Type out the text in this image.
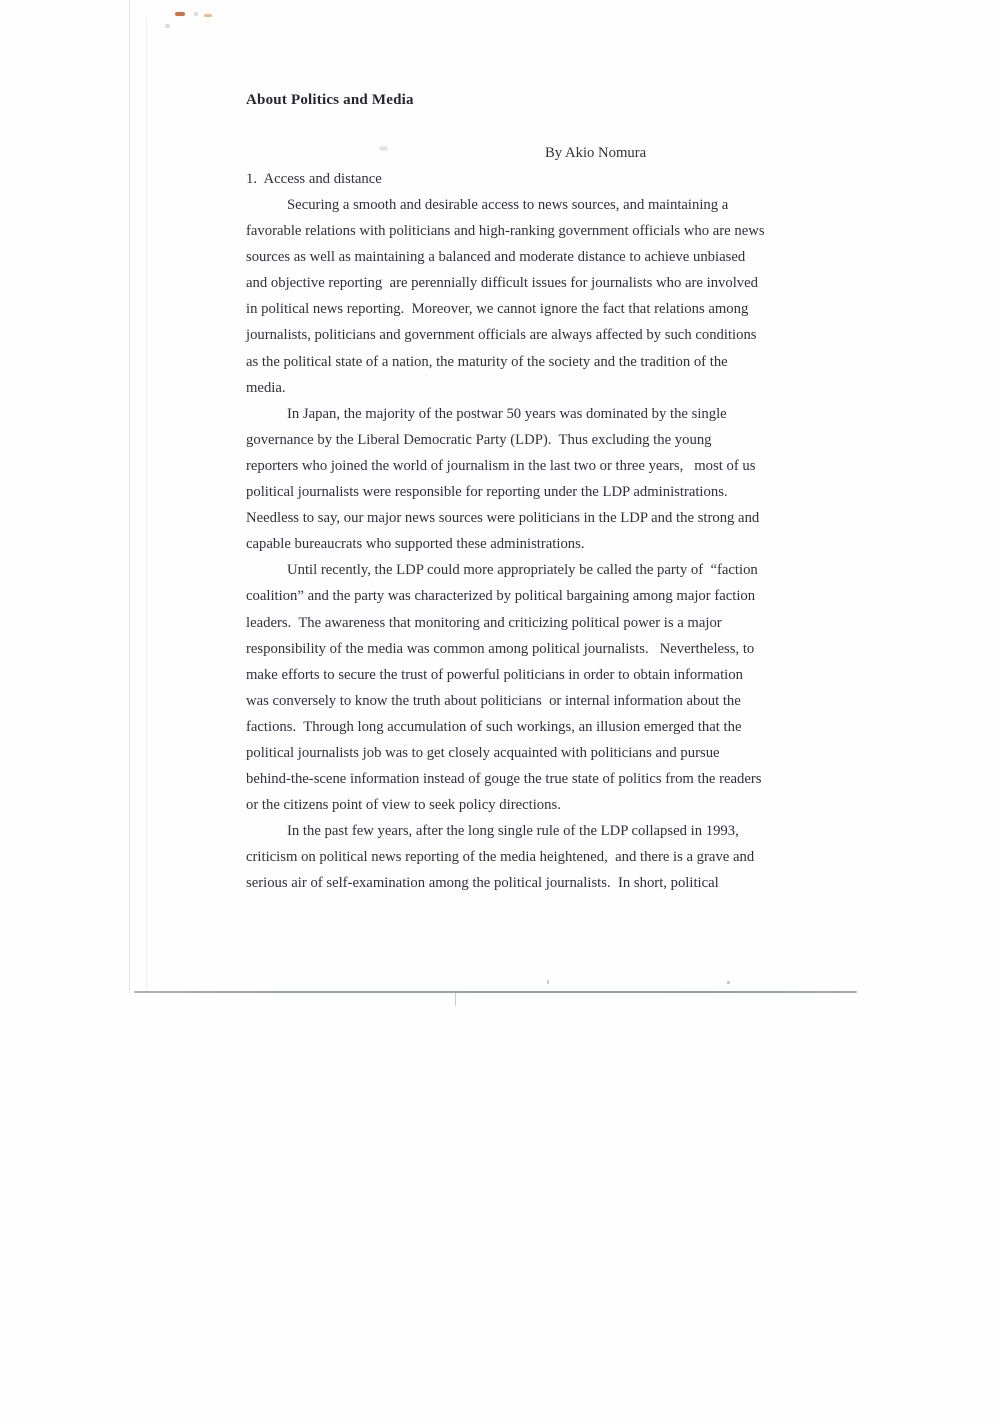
About Politics and Media
By Akio Nomura
1.  Access and distance
Securing a smooth and desirable access to news sources, and maintaining a
favorable relations with politicians and high-ranking government officials who are news
sources as well as maintaining a balanced and moderate distance to achieve unbiased
and objective reporting  are perennially difficult issues for journalists who are involved
in political news reporting.  Moreover, we cannot ignore the fact that relations among
journalists, politicians and government officials are always affected by such conditions
as the political state of a nation, the maturity of the society and the tradition of the
media.
In Japan, the majority of the postwar 50 years was dominated by the single
governance by the Liberal Democratic Party (LDP).  Thus excluding the young
reporters who joined the world of journalism in the last two or three years,   most of us
political journalists were responsible for reporting under the LDP administrations.
Needless to say, our major news sources were politicians in the LDP and the strong and
capable bureaucrats who supported these administrations.
Until recently, the LDP could more appropriately be called the party of  “faction
coalition” and the party was characterized by political bargaining among major faction
leaders.  The awareness that monitoring and criticizing political power is a major
responsibility of the media was common among political journalists.   Nevertheless, to
make efforts to secure the trust of powerful politicians in order to obtain information
was conversely to know the truth about politicians  or internal information about the
factions.  Through long accumulation of such workings, an illusion emerged that the
political journalists job was to get closely acquainted with politicians and pursue
behind-the-scene information instead of gouge the true state of politics from the readers
or the citizens point of view to seek policy directions.
In the past few years, after the long single rule of the LDP collapsed in 1993,
criticism on political news reporting of the media heightened,  and there is a grave and
serious air of self-examination among the political journalists.  In short, political
